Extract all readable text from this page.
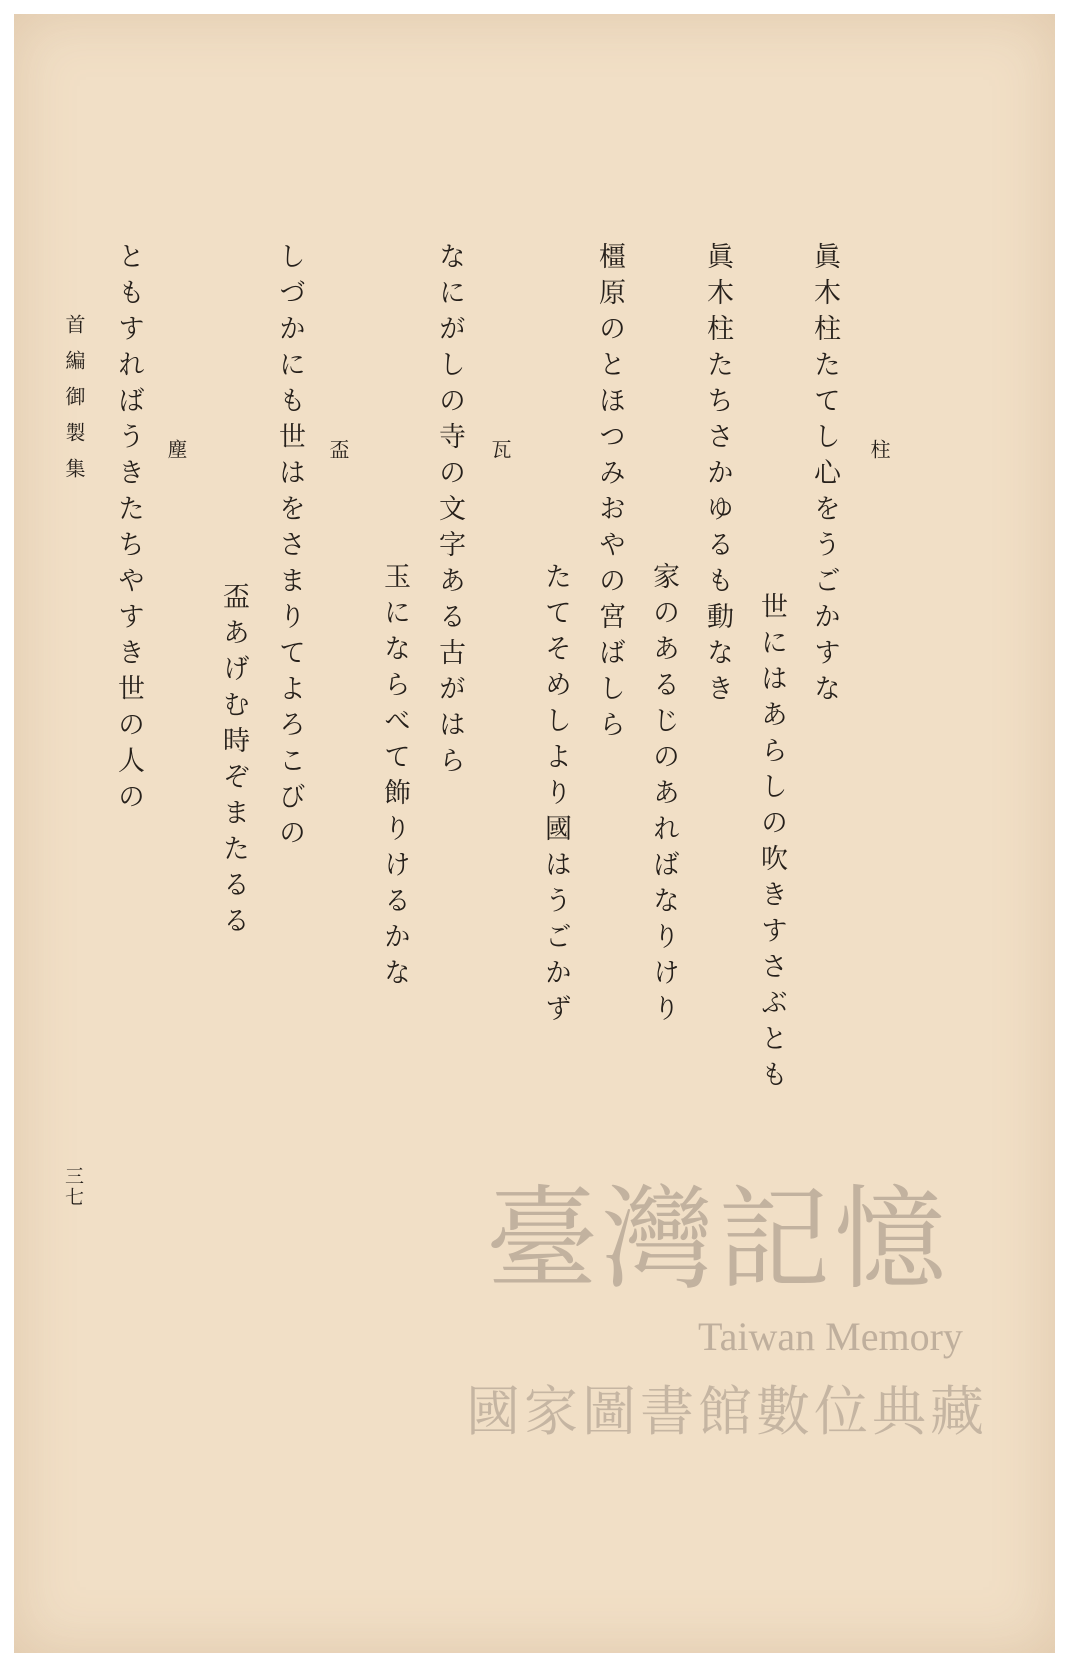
柱
眞木柱たてし心をうごかすな
世にはあらしの吹きすさぶとも
眞木柱たちさかゆるも動なき
家のあるじのあればなりけり
橿原のとほつみおやの宮ばしら
たてそめしより國はうごかず
瓦
なにがしの寺の文字ある古がはら
玉にならべて飾りけるかな
盃
しづかにも世はをさまりてよろこびの
盃あげむ時ぞまたるる
塵
ともすればうきたちやすき世の人の
首編御製集
三七	臺灣記憶
Taiwan Memory
國家圖書館數位典藏
